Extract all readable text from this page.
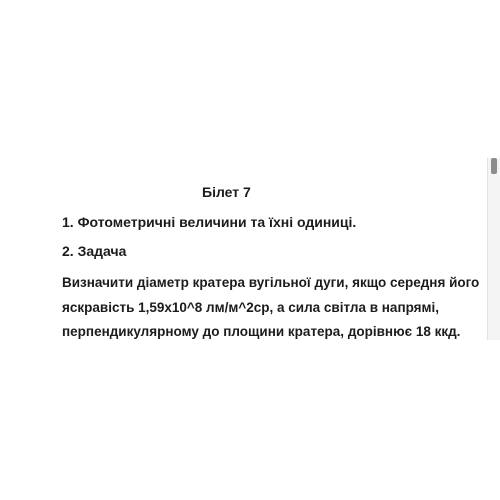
Білет 7
1. Фотометричні величини та їхні одиниці.
2. Задача
Визначити діаметр кратера вугільної дуги, якщо середня його
яскравість 1,59х10^8 лм/м^2ср, а сила світла в напрямі,
перпендикулярному до площини кратера, дорівнює 18 ккд.
